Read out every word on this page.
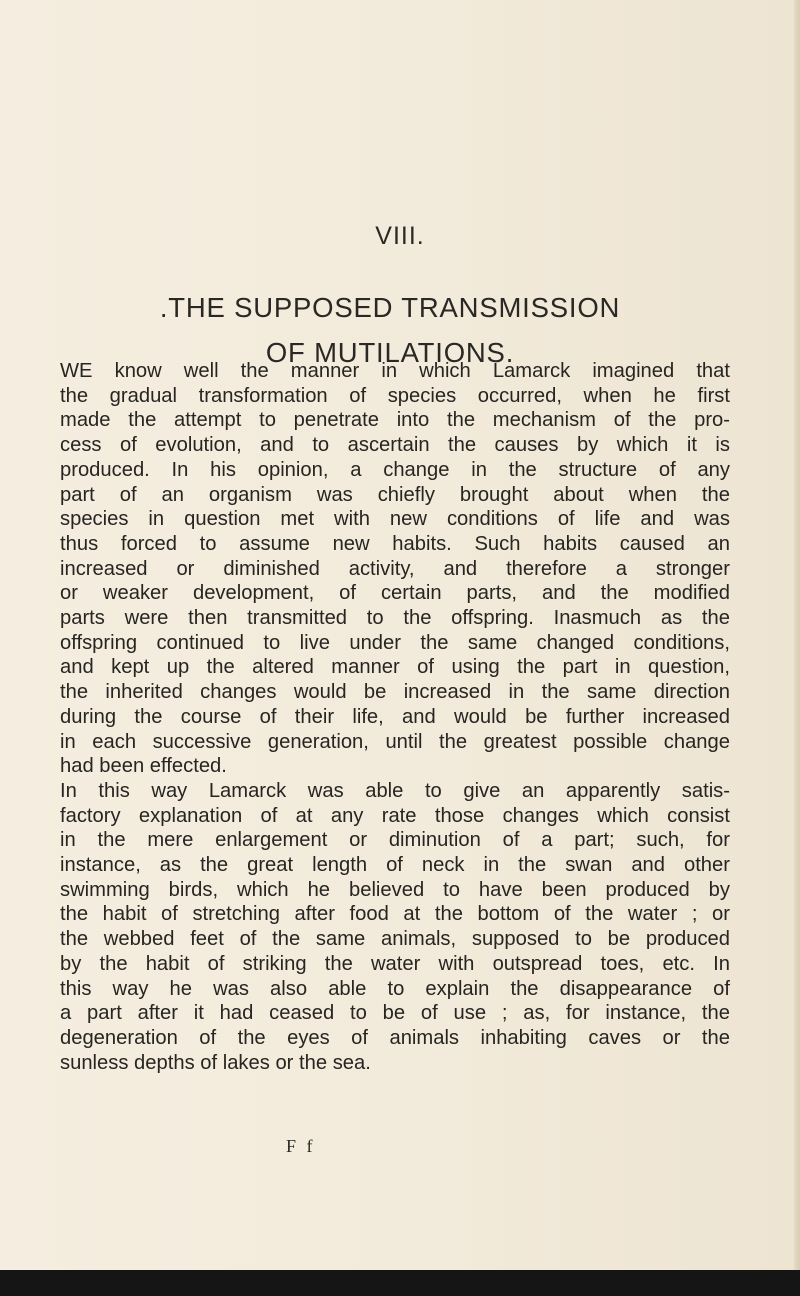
VIII.
.THE SUPPOSED TRANSMISSION
OF MUTILATIONS.
WE know well the manner in which Lamarck imagined that
the gradual transformation of species occurred, when he first
made the attempt to penetrate into the mechanism of the pro-
cess of evolution, and to ascertain the causes by which it is
produced. In his opinion, a change in the structure of any
part of an organism was chiefly brought about when the
species in question met with new conditions of life and was
thus forced to assume new habits. Such habits caused an
increased or diminished activity, and therefore a stronger
or weaker development, of certain parts, and the modified
parts were then transmitted to the offspring. Inasmuch as the
offspring continued to live under the same changed conditions,
and kept up the altered manner of using the part in question,
the inherited changes would be increased in the same direction
during the course of their life, and would be further increased
in each successive generation, until the greatest possible change
had been effected.
In this way Lamarck was able to give an apparently satis-
factory explanation of at any rate those changes which consist
in the mere enlargement or diminution of a part; such, for
instance, as the great length of neck in the swan and other
swimming birds, which he believed to have been produced by
the habit of stretching after food at the bottom of the water ; or
the webbed feet of the same animals, supposed to be produced
by the habit of striking the water with outspread toes, etc. In
this way he was also able to explain the disappearance of
a part after it had ceased to be of use ; as, for instance, the
degeneration of the eyes of animals inhabiting caves or the
sunless depths of lakes or the sea.
F f
